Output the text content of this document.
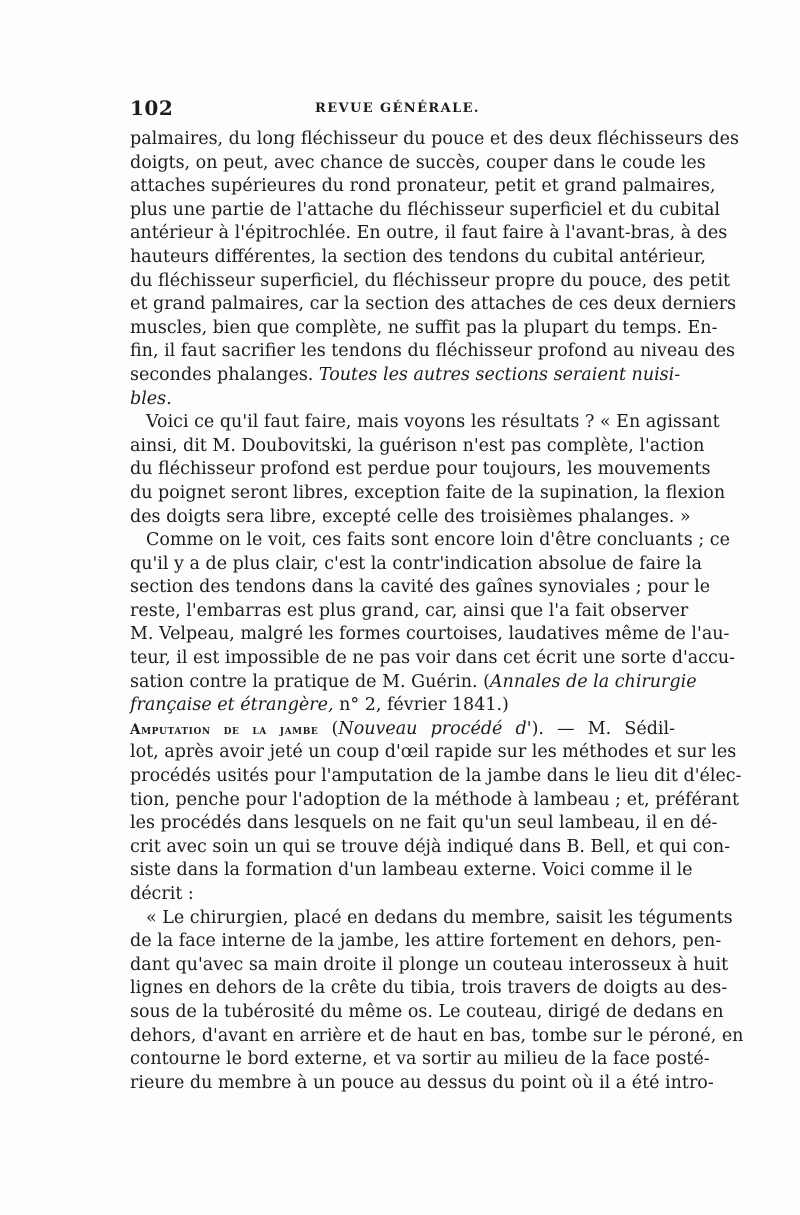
102	REVUE GÉNÉRALE.
palmaires, du long fléchisseur du pouce et des deux fléchisseurs des
doigts, on peut, avec chance de succès, couper dans le coude les
attaches supérieures du rond pronateur, petit et grand palmaires,
plus une partie de l'attache du fléchisseur superficiel et du cubital
antérieur à l'épitrochlée. En outre, il faut faire à l'avant-bras, à des
hauteurs différentes, la section des tendons du cubital antérieur,
du fléchisseur superficiel, du fléchisseur propre du pouce, des petit
et grand palmaires, car la section des attaches de ces deux derniers
muscles, bien que complète, ne suffit pas la plupart du temps. En-
fin, il faut sacrifier les tendons du fléchisseur profond au niveau des
secondes phalanges. Toutes les autres sections seraient nuisi-
bles.
Voici ce qu'il faut faire, mais voyons les résultats ? « En agissant
ainsi, dit M. Doubovitski, la guérison n'est pas complète, l'action
du fléchisseur profond est perdue pour toujours, les mouvements
du poignet seront libres, exception faite de la supination, la flexion
des doigts sera libre, excepté celle des troisièmes phalanges. »
Comme on le voit, ces faits sont encore loin d'être concluants ; ce
qu'il y a de plus clair, c'est la contr'indication absolue de faire la
section des tendons dans la cavité des gaînes synoviales ; pour le
reste, l'embarras est plus grand, car, ainsi que l'a fait observer
M. Velpeau, malgré les formes courtoises, laudatives même de l'au-
teur, il est impossible de ne pas voir dans cet écrit une sorte d'accu-
sation contre la pratique de M. Guérin. (Annales de la chirurgie
française et étrangère, n° 2, février 1841.)
Amputation de la jambe (Nouveau procédé d'). — M. Sédil-
lot, après avoir jeté un coup d'œil rapide sur les méthodes et sur les
procédés usités pour l'amputation de la jambe dans le lieu dit d'élec-
tion, penche pour l'adoption de la méthode à lambeau ; et, préférant
les procédés dans lesquels on ne fait qu'un seul lambeau, il en dé-
crit avec soin un qui se trouve déjà indiqué dans B. Bell, et qui con-
siste dans la formation d'un lambeau externe. Voici comme il le
décrit :
« Le chirurgien, placé en dedans du membre, saisit les téguments
de la face interne de la jambe, les attire fortement en dehors, pen-
dant qu'avec sa main droite il plonge un couteau interosseux à huit
lignes en dehors de la crête du tibia, trois travers de doigts au des-
sous de la tubérosité du même os. Le couteau, dirigé de dedans en
dehors, d'avant en arrière et de haut en bas, tombe sur le péroné, en
contourne le bord externe, et va sortir au milieu de la face posté-
rieure du membre à un pouce au dessus du point où il a été intro-
